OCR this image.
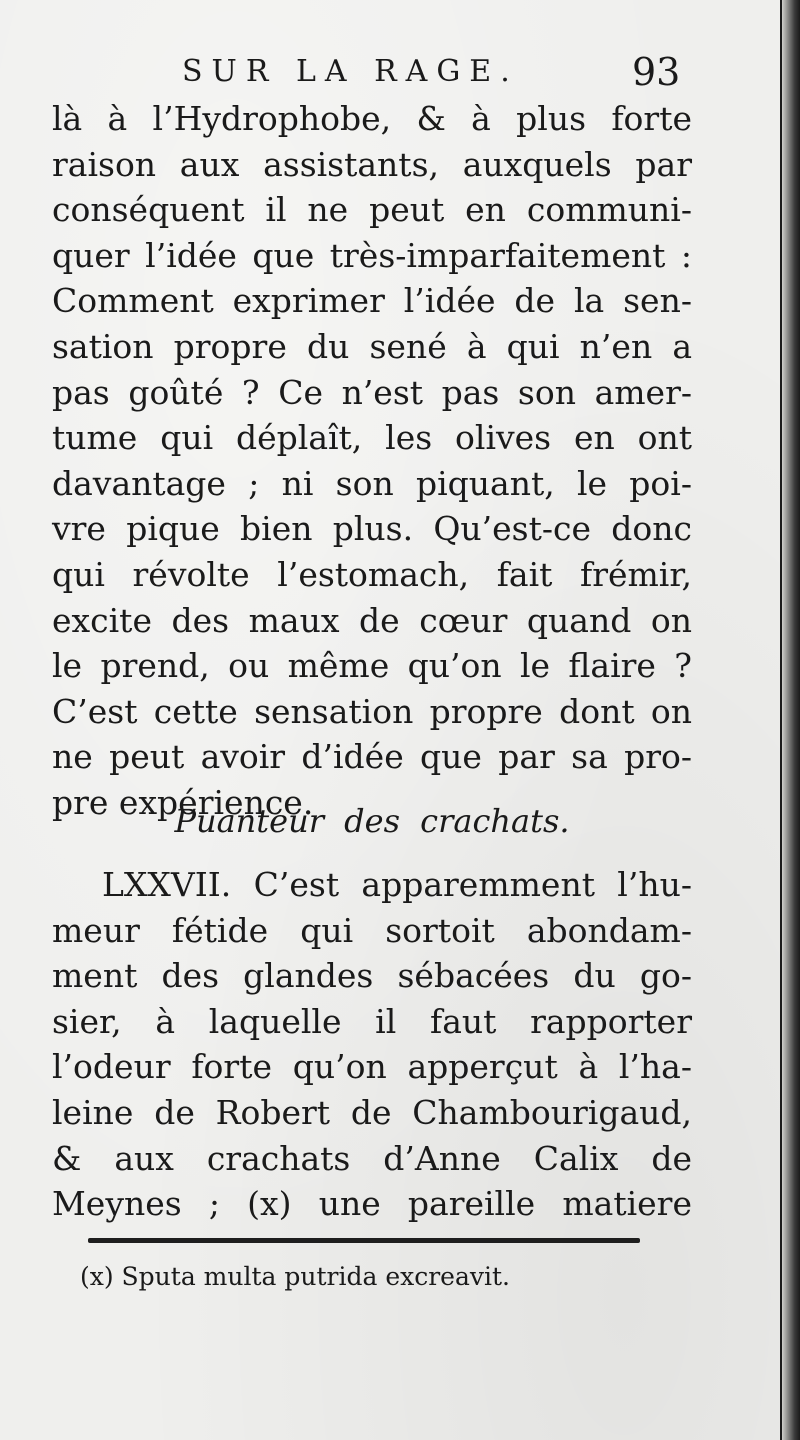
SUR LA RAGE.	93
là à l’Hydrophobe, & à plus forte
raison aux assistants, auxquels par
conséquent il ne peut en communi-
quer l’idée que très-imparfaitement :
Comment exprimer l’idée de la sen-
sation propre du sené à qui n’en a
pas goûté ? Ce n’est pas son amer-
tume qui déplaît, les olives en ont
davantage ; ni son piquant, le poi-
vre pique bien plus. Qu’est-ce donc
qui révolte l’estomach, fait frémir,
excite des maux de cœur quand on
le prend, ou même qu’on le flaire ?
C’est cette sensation propre dont on
ne peut avoir d’idée que par sa pro-
pre expérience.
Puanteur des crachats.
LXXVII. C’est apparemment l’hu-
meur fétide qui sortoit abondam-
ment des glandes sébacées du go-
sier, à laquelle il faut rapporter
l’odeur forte qu’on apperçut à l’ha-
leine de Robert de Chambourigaud,
& aux crachats d’Anne Calix de
Meynes ; (x) une pareille matiere
(x) Sputa multa putrida excreavit.
